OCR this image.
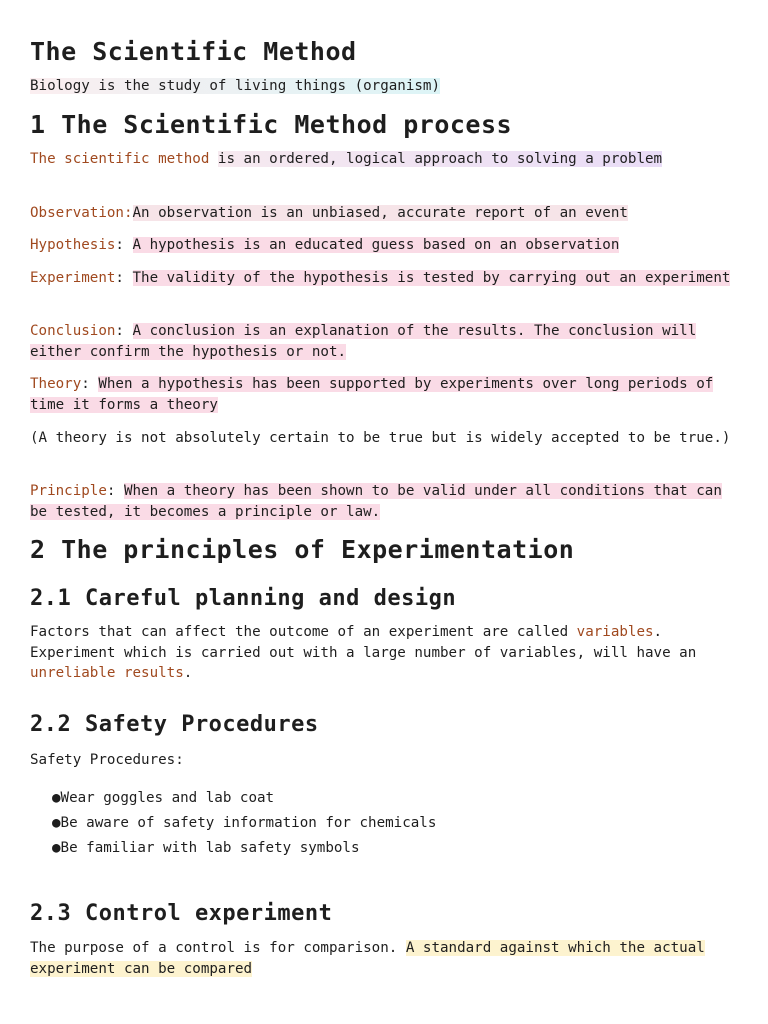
The Scientific Method

Biology is the study of living things (organism)

1 The Scientific Method process

The scientific method is an ordered, logical approach to solving a problem

Observation:An observation is an unbiased, accurate report of an event

Hypothesis: A hypothesis is an educated guess based on an observation

Experiment: The validity of the hypothesis is tested by carrying out an experiment

Conclusion: A conclusion is an explanation of the results. The conclusion will either confirm the hypothesis or not.

Theory: When a hypothesis has been supported by experiments over long periods of time it forms a theory

(A theory is not absolutely certain to be true but is widely accepted to be true.)

Principle: When a theory has been shown to be valid under all conditions that can be tested, it becomes a principle or law.

2 The principles of Experimentation
2.1 Careful planning and design

Factors that can affect the outcome of an experiment are called variables. Experiment which is carried out with a large number of variables, will have an unreliable results.

2.2 Safety Procedures

Safety Procedures:

●Wear goggles and lab coat
●Be aware of safety information for chemicals
●Be familiar with lab safety symbols
2.3 Control experiment

The purpose of a control is for comparison. A standard against which the actual experiment can be compared
